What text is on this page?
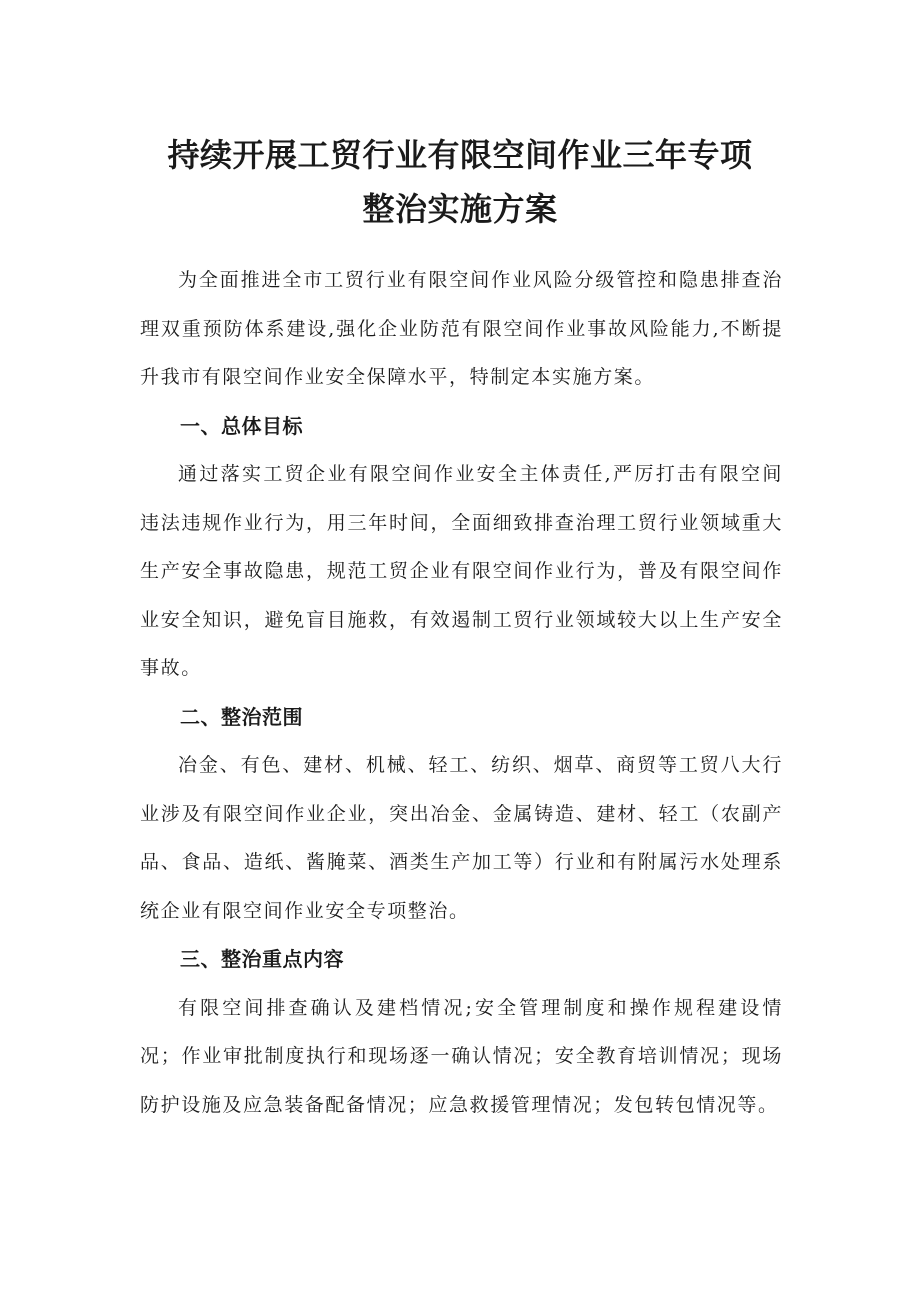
持续开展工贸行业有限空间作业三年专项
整治实施方案

为全面推进全市工贸行业有限空间作业风险分级管控和隐患排查治理双重预防体系建设,强化企业防范有限空间作业事故风险能力,不断提升我市有限空间作业安全保障水平，特制定本实施方案。

一、总体目标

通过落实工贸企业有限空间作业安全主体责任,严厉打击有限空间违法违规作业行为，用三年时间，全面细致排查治理工贸行业领域重大生产安全事故隐患，规范工贸企业有限空间作业行为，普及有限空间作业安全知识，避免盲目施救，有效遏制工贸行业领域较大以上生产安全事故。

二、整治范围

冶金、有色、建材、机械、轻工、纺织、烟草、商贸等工贸八大行业涉及有限空间作业企业，突出冶金、金属铸造、建材、轻工（农副产品、食品、造纸、酱腌菜、酒类生产加工等）行业和有附属污水处理系统企业有限空间作业安全专项整治。

三、整治重点内容

有限空间排查确认及建档情况;安全管理制度和操作规程建设情况；作业审批制度执行和现场逐一确认情况；安全教育培训情况；现场防护设施及应急装备配备情况；应急救援管理情况；发包转包情况等。
